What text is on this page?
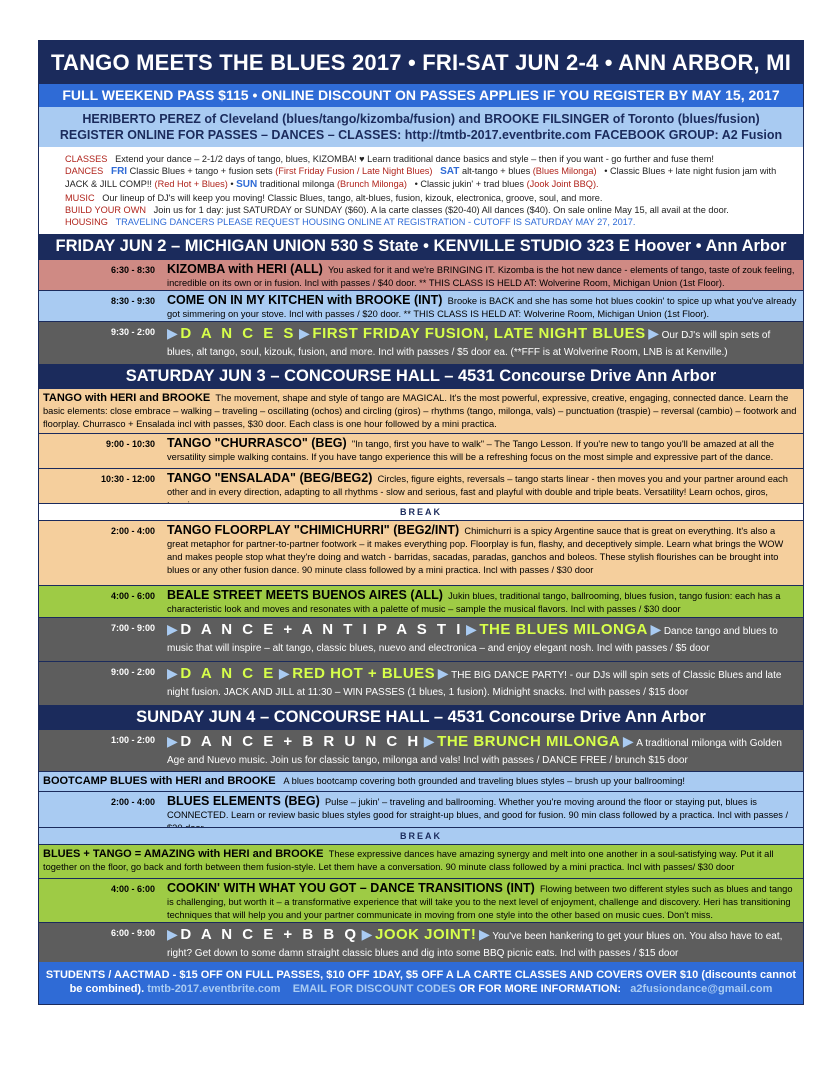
TANGO MEETS THE BLUES 2017 • FRI-SAT JUN 2-4 • ANN ARBOR, MI
FULL WEEKEND PASS $115 • ONLINE DISCOUNT ON PASSES APPLIES IF YOU REGISTER BY MAY 15, 2017
HERIBERTO PEREZ of Cleveland (blues/tango/kizomba/fusion) and BROOKE FILSINGER of Toronto (blues/fusion)
REGISTER ONLINE FOR PASSES – DANCES – CLASSES: http://tmtb-2017.eventbrite.com FACEBOOK GROUP: A2 Fusion
CLASSES Extend your dance – 2-1/2 days of tango, blues, KIZOMBA! ♥ Learn traditional dance basics and style – then if you want - go further and fuse them!
DANCES FRI Classic Blues + tango + fusion sets (First Friday Fusion / Late Night Blues) SAT alt-tango + blues (Blues Milonga) • Classic Blues + late night fusion jam with JACK & JILL COMP!! (Red Hot + Blues) • SUN traditional milonga (Brunch Milonga) • Classic jukin' + trad blues (Jook Joint BBQ).
MUSIC Our lineup of DJ's will keep you moving! Classic Blues, tango, alt-blues, fusion, kizouk, electronica, groove, soul, and more.
BUILD YOUR OWN Join us for 1 day: just SATURDAY or SUNDAY ($60). A la carte classes ($20-40) All dances ($40). On sale online May 15, all avail at the door.
HOUSING TRAVELING DANCERS PLEASE REQUEST HOUSING ONLINE AT REGISTRATION - CUTOFF IS SATURDAY MAY 27, 2017.
FRIDAY JUN 2 – MICHIGAN UNION 530 S State • KENVILLE STUDIO 323 E Hoover • Ann Arbor
6:30 - 8:30 KIZOMBA with HERI (ALL) You asked for it and we're BRINGING IT. Kizomba is the hot new dance - elements of tango, taste of zouk feeling, incredible on its own or in fusion. Incl with passes / $40 door. ** THIS CLASS IS HELD AT: Wolverine Room, Michigan Union (1st Floor).
8:30 - 9:30 COME ON IN MY KITCHEN with BROOKE (INT) Brooke is BACK and she has some hot blues cookin' to spice up what you've already got simmering on your stove. Incl with passes / $20 door. ** THIS CLASS IS HELD AT: Wolverine Room, Michigan Union (1st Floor).
9:30 - 2:00 ▶ D A N C E S ▶ FIRST FRIDAY FUSION, LATE NIGHT BLUES ▶ Our DJ's will spin sets of blues, alt tango, soul, kizouk, fusion, and more. Incl with passes / $5 door ea. (**FFF is at Wolverine Room, LNB is at Kenville.)
SATURDAY JUN 3 – CONCOURSE HALL – 4531 Concourse Drive Ann Arbor
TANGO with HERI and BROOKE The movement, shape and style of tango are MAGICAL. It's the most powerful, expressive, creative, engaging, connected dance. Learn the basic elements: close embrace – walking – traveling – oscillating (ochos) and circling (giros) – rhythms (tango, milonga, vals) – punctuation (traspie) – reversal (cambio) – footwork and floorplay. Churrasco + Ensalada incl with passes, $30 door. Each class is one hour followed by a mini practica.
9:00 - 10:30 TANGO "CHURRASCO" (BEG) "In tango, first you have to walk" – The Tango Lesson. If you're new to tango you'll be amazed at all the versatility simple walking contains. If you have tango experience this will be a refreshing focus on the most simple and expressive part of the dance.
10:30 - 12:00 TANGO "ENSALADA" (BEG/BEG2) Circles, figure eights, reversals – tango starts linear - then moves you and your partner around each other and in every direction, adapting to all rhythms - slow and serious, fast and playful with double and triple beats. Versatility! Learn ochos, giros,
BREAK
2:00 - 4:00 TANGO FLOORPLAY "CHIMICHURRI" (BEG2/INT) Chimichurri is a spicy Argentine sauce that is great on everything. It's also a great metaphor for partner-to-partner footwork – it makes everything pop. Floorplay is fun, flashy, and deceptively simple. Learn what brings the WOW and makes people stop what they're doing and watch - barridas, sacadas, paradas, ganchos and boleos. These stylish flourishes can be brought into blues or any other fusion dance. 90 minute class followed by a mini practica. Incl with passes / $30 door
4:00 - 6:00 BEALE STREET MEETS BUENOS AIRES (ALL) Jukin blues, traditional tango, ballrooming, blues fusion, tango fusion: each has a characteristic look and moves and resonates with a palette of music – sample the musical flavors. Incl with passes / $30 door
7:00 - 9:00 ▶ D A N C E + A N T I P A S T I ▶ THE BLUES MILONGA ▶ Dance tango and blues to music that will inspire – alt tango, classic blues, nuevo and electronica – and enjoy elegant nosh. Incl with passes / $5 door
9:00 - 2:00 ▶ D A N C E ▶ RED HOT + BLUES ▶ THE BIG DANCE PARTY! - our DJs will spin sets of Classic Blues and late night fusion. JACK AND JILL at 11:30 – WIN PASSES (1 blues, 1 fusion). Midnight snacks. Incl with passes / $15 door
SUNDAY JUN 4 – CONCOURSE HALL – 4531 Concourse Drive Ann Arbor
1:00 - 2:00 ▶ D A N C E + B R U N C H ▶ THE BRUNCH MILONGA ▶ A traditional milonga with Golden Age and Nuevo music. Join us for classic tango, milonga and vals! Incl with passes / DANCE FREE / brunch $15 door
BOOTCAMP BLUES with HERI and BROOKE A blues bootcamp covering both grounded and traveling blues styles – brush up your ballrooming!
2:00 - 4:00 BLUES ELEMENTS (BEG) Pulse – jukin' – traveling and ballrooming. Whether you're moving around the floor or staying put, blues is CONNECTED. Learn or review basic blues styles good for straight-up blues, and good for fusion. 90 min class followed by a practica. Incl with passes /
BREAK
BLUES + TANGO = AMAZING with HERI and BROOKE These expressive dances have amazing synergy and melt into one another in a soul-satisfying way. Put it all together on the floor, go back and forth between them fusion-style. Let them have a conversation. 90 minute class followed by a mini practica. Incl with passes/ $30 door
4:00 - 6:00 COOKIN' WITH WHAT YOU GOT – DANCE TRANSITIONS (INT) Flowing between two different styles such as blues and tango is challenging, but worth it – a transformative experience that will take you to the next level of enjoyment, challenge and discovery. Heri has transitioning techniques that will help you and your partner communicate in moving from one style into the other based on music cues. Don't miss.
6:00 - 9:00 ▶ D A N C E + B B Q ▶ JOOK JOINT! ▶ You've been hankering to get your blues on. You also have to eat, right? Get down to some damn straight classic blues and dig into some BBQ picnic eats. Incl with passes / $15 door
STUDENTS / AACTMAD - $15 OFF ON FULL PASSES, $10 OFF 1DAY, $5 OFF A LA CARTE CLASSES AND COVERS OVER $10 (discounts cannot be combined). tmtb-2017.eventbrite.com EMAIL FOR DISCOUNT CODES OR FOR MORE INFORMATION: a2fusiondance@gmail.com
